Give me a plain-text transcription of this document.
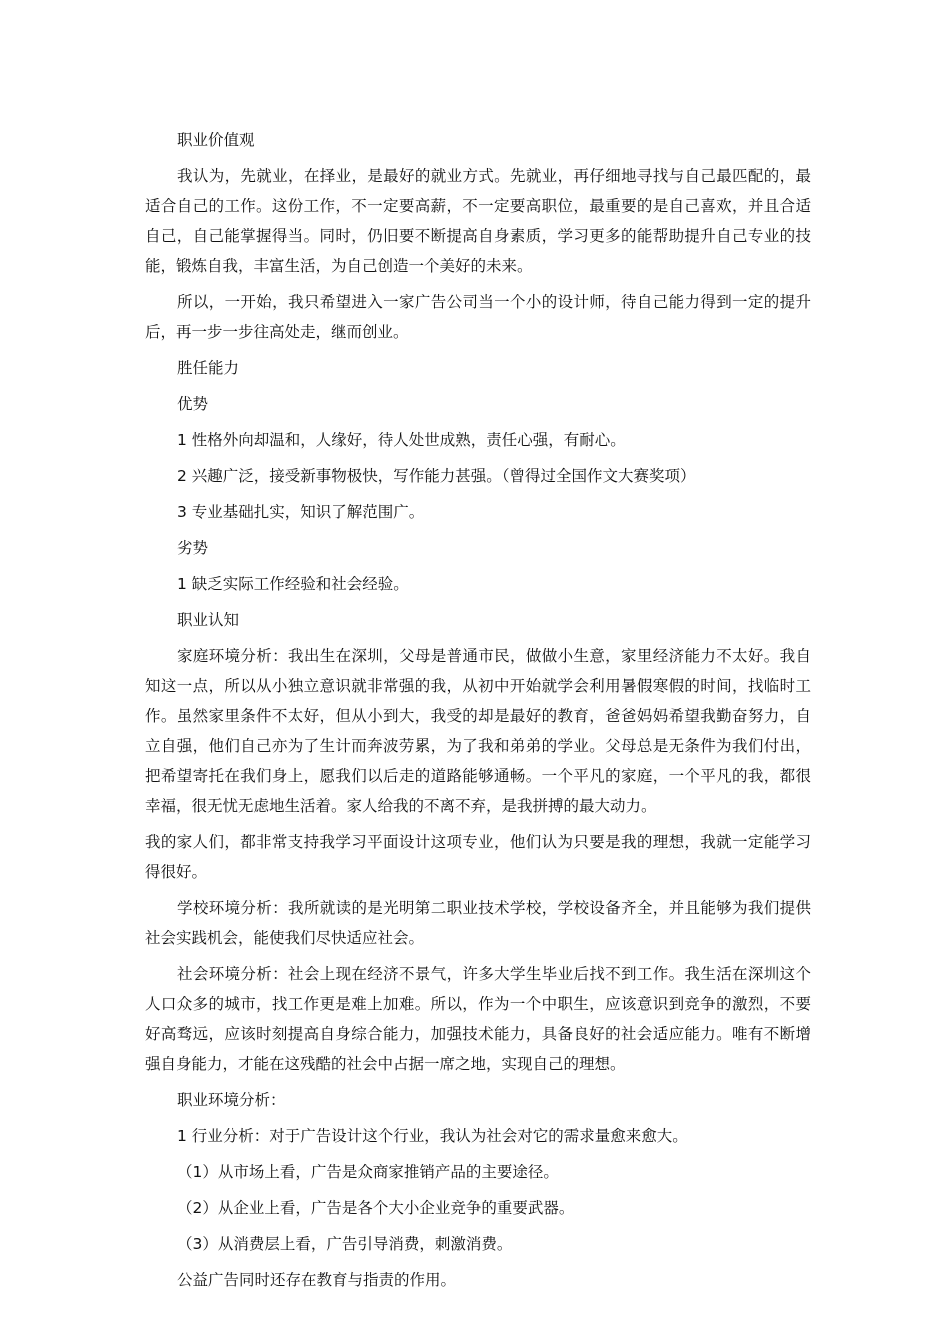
职业价值观

我认为，先就业，在择业，是最好的就业方式。先就业，再仔细地寻找与自己最匹配的，最适合自己的工作。这份工作，不一定要高薪，不一定要高职位，最重要的是自己喜欢，并且合适自己，自己能掌握得当。同时，仍旧要不断提高自身素质，学习更多的能帮助提升自己专业的技能，锻炼自我，丰富生活，为自己创造一个美好的未来。

所以，一开始，我只希望进入一家广告公司当一个小的设计师，待自己能力得到一定的提升后，再一步一步往高处走，继而创业。

胜任能力

优势

1 性格外向却温和，人缘好，待人处世成熟，责任心强，有耐心。

2 兴趣广泛，接受新事物极快，写作能力甚强。（曾得过全国作文大赛奖项）

3 专业基础扎实，知识了解范围广。

劣势

1 缺乏实际工作经验和社会经验。

职业认知

家庭环境分析：我出生在深圳，父母是普通市民，做做小生意，家里经济能力不太好。我自知这一点，所以从小独立意识就非常强的我，从初中开始就学会利用暑假寒假的时间，找临时工作。虽然家里条件不太好，但从小到大，我受的却是最好的教育，爸爸妈妈希望我勤奋努力，自立自强，他们自己亦为了生计而奔波劳累，为了我和弟弟的学业。父母总是无条件为我们付出，把希望寄托在我们身上，愿我们以后走的道路能够通畅。一个平凡的家庭，一个平凡的我，都很幸福，很无忧无虑地生活着。家人给我的不离不弃，是我拼搏的最大动力。

我的家人们，都非常支持我学习平面设计这项专业，他们认为只要是我的理想，我就一定能学习得很好。

学校环境分析：我所就读的是光明第二职业技术学校，学校设备齐全，并且能够为我们提供社会实践机会，能使我们尽快适应社会。

社会环境分析：社会上现在经济不景气，许多大学生毕业后找不到工作。我生活在深圳这个人口众多的城市，找工作更是难上加难。所以，作为一个中职生，应该意识到竞争的激烈，不要好高骛远，应该时刻提高自身综合能力，加强技术能力，具备良好的社会适应能力。唯有不断增强自身能力，才能在这残酷的社会中占据一席之地，实现自己的理想。

职业环境分析：

1 行业分析：对于广告设计这个行业，我认为社会对它的需求量愈来愈大。

（1）从市场上看，广告是众商家推销产品的主要途径。

（2）从企业上看，广告是各个大小企业竞争的重要武器。

（3）从消费层上看，广告引导消费，刺激消费。

公益广告同时还存在教育与指责的作用。
